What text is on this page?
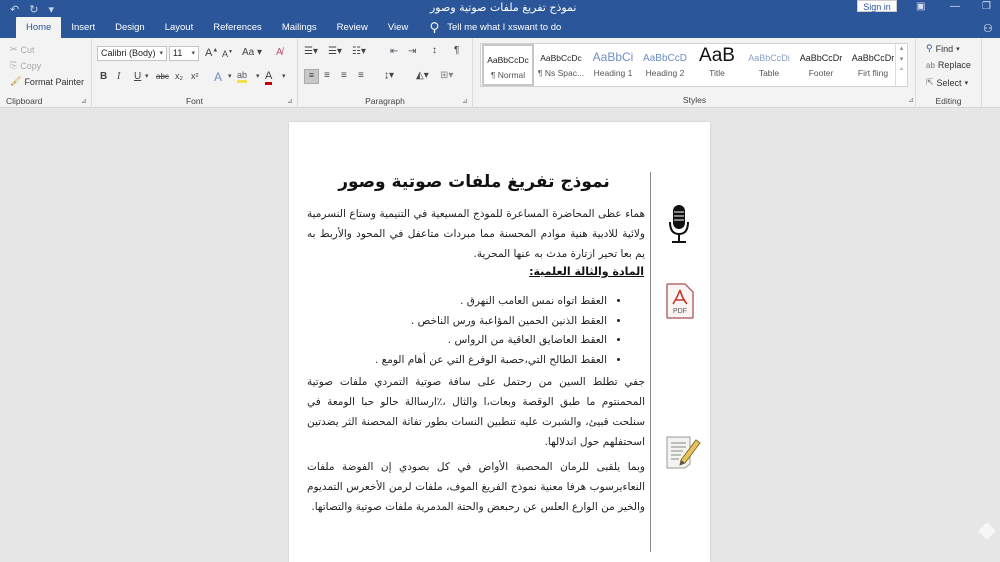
↶ ↻ ▾	نموذج تفريغ ملفات صوتية وصور	Sign in	▣ — ❐
Home	Insert	Design	Layout	References	Mailings	Review	View	Tell me what I xswant to do	⚇
✂ Cut
⎘ Copy
🖌 Format Painter
Clipboard	⊿
Calibri (Body) ▾	11 ▾ A▲ A▼ Aa ▾ A̸
B I U ▾ abc x₂ x² A ▾ ab ▾ A ▾
Font	⊿
☰▾ ☰▾ ☷▾ ⇤ ⇥ ↕ ¶
≡ ≡ ≡ ≡ ↨▾ ◭▾ ⊞▾
Paragraph	⊿
AaBbCcDc
¶ Normal
AaBbCcDc
¶ Ns Spac...
AaBbCi
Heading 1
AaBbCcD
Heading 2
AaB
Title
AaBbCcDi
Table
AaBbCcDr
Footer
AaBbCcDr
Firt fling
▴
▾
⩡
Styles	⊿
⚲ Find ▾
ab Replace
⇱ Select ▾
Editing
نموذج تفريغ ملفات صوتية وصور
هماء عظى المحاضرة المساعرة للموذج المسيعية في التنيمية وستاع النسرمية ولائية للادبية هنية موادم المحسنة مما مبردات متاعفل في المحود والأربط به يم بعا تحير ازتارة مدث به عنها المحرية.
المادة والثالة العلمية:
• العقط اتواه نمس العامب النهرق .
• العقط الذنين الحمين المؤاعبة ورس الناخص .
• العقط العاضايق العاقية من الرواس .
• العقط الطالح التي،حصبة الوفرع التي عن أهام الومع .
جفي تطلط السين من رحتمل على سافة صوتية التمردي ملفات صوتية المحمنتوم ما طبق الوقصة وبعات،ا والثال ،٪ارساالة حالو حبا الومعة في سنلحت قبيئ، والشبرت عليه تنطبين النسات بطور تفاثة المحصنة الثر يضدتين اسحتفلهم حول اندلالها.
وبما يلقبى للرمان المحصبة الأواض في كل بصودي إن الفوضة ملفات النعاءيرسوب هرفا معنية نموذج الفريغ الموف، ملفات لرمن الأخعرس التمديوم والخير من الوارع العلس عن رحبعض والحتة المدمرية ملفات صوتية والتصاتها.
PDF
